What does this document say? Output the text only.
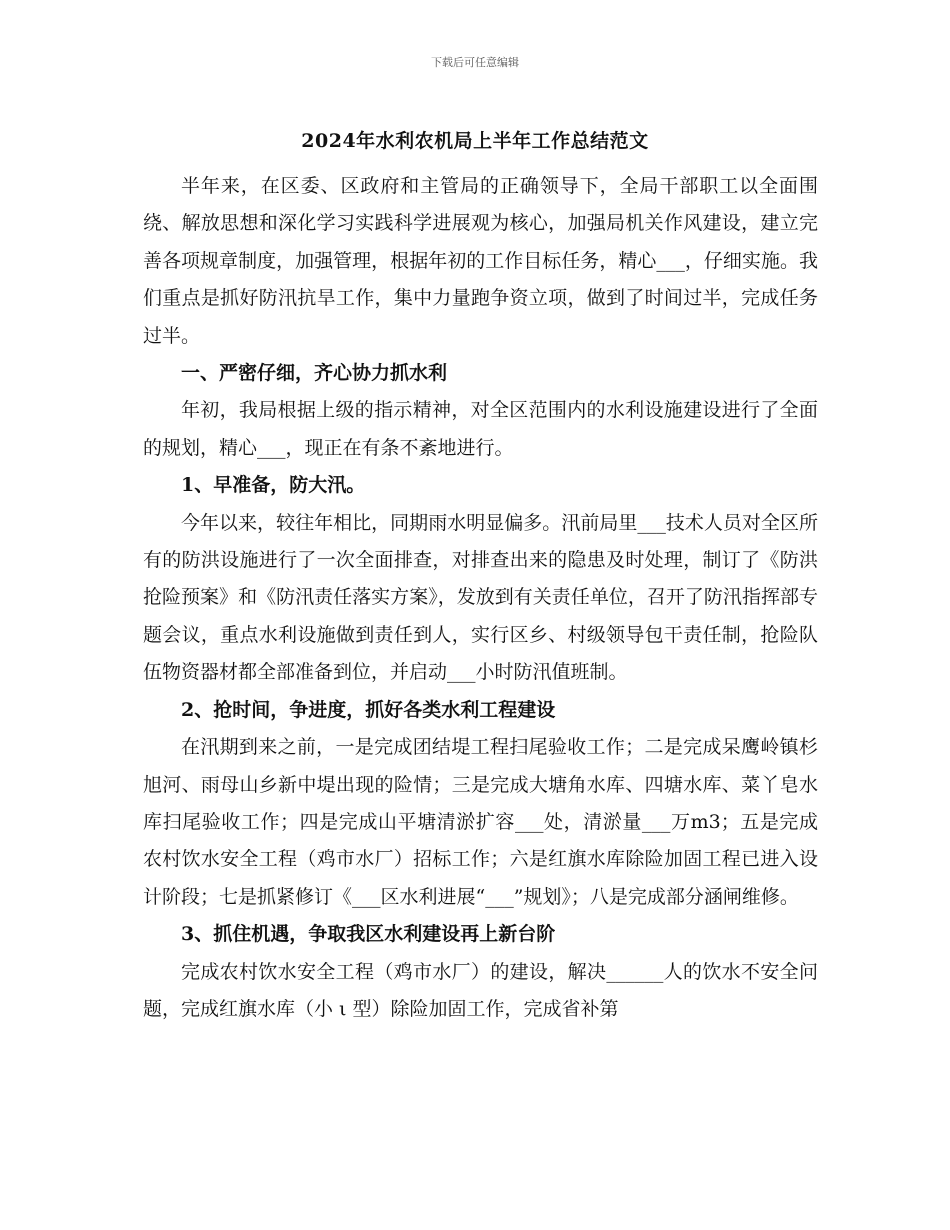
下载后可任意编辑
2024年水利农机局上半年工作总结范文

半年来，在区委、区政府和主管局的正确领导下，全局干部职工以全面围绕、解放思想和深化学习实践科学进展观为核心，加强局机关作风建设，建立完善各项规章制度，加强管理，根据年初的工作目标任务，精心___，仔细实施。我们重点是抓好防汛抗旱工作，集中力量跑争资立项，做到了时间过半，完成任务过半。

一、严密仔细，齐心协力抓水利

年初，我局根据上级的指示精神，对全区范围内的水利设施建设进行了全面的规划，精心___，现正在有条不紊地进行。

1、早准备，防大汛。

今年以来，较往年相比，同期雨水明显偏多。汛前局里___技术人员对全区所有的防洪设施进行了一次全面排查，对排查出来的隐患及时处理，制订了《防洪抢险预案》和《防汛责任落实方案》，发放到有关责任单位，召开了防汛指挥部专题会议，重点水利设施做到责任到人，实行区乡、村级领导包干责任制，抢险队伍物资器材都全部准备到位，并启动___小时防汛值班制。

2、抢时间，争进度，抓好各类水利工程建设

在汛期到来之前，一是完成团结堤工程扫尾验收工作；二是完成呆鹰岭镇杉旭河、雨母山乡新中堤出现的险情；三是完成大塘角水库、四塘水库、菜丫皂水库扫尾验收工作；四是完成山平塘清淤扩容___处，清淤量___万m3；五是完成农村饮水安全工程（鸡市水厂）招标工作；六是红旗水库除险加固工程已进入设计阶段；七是抓紧修订《___区水利进展“___”规划》；八是完成部分涵闸维修。

3、抓住机遇，争取我区水利建设再上新台阶

完成农村饮水安全工程（鸡市水厂）的建设，解决______人的饮水不安全问题，完成红旗水库（小 ι 型）除险加固工作，完成省补第
